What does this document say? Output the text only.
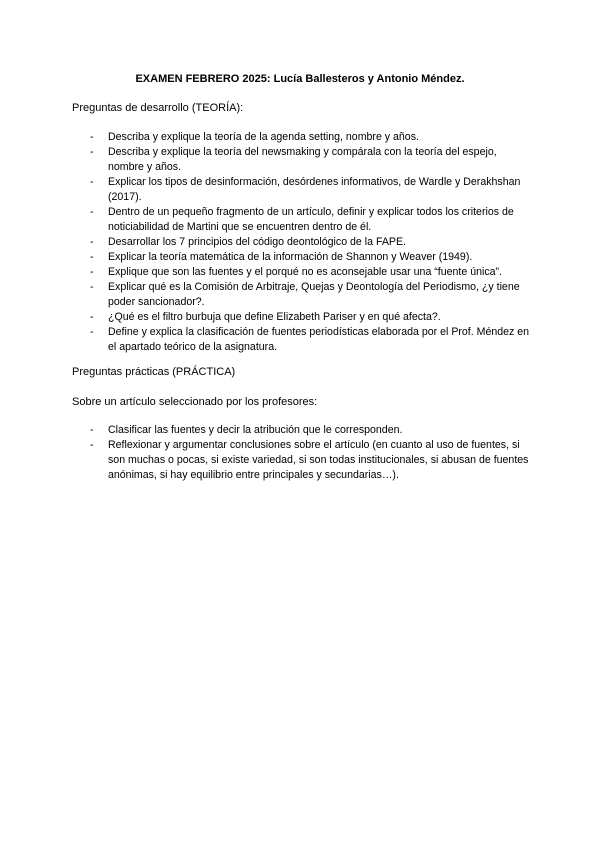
EXAMEN FEBRERO 2025: Lucía Ballesteros y Antonio Méndez.
Preguntas de desarrollo (TEORÍA):
- Describa y explique la teoría de la agenda setting, nombre y años.
- Describa y explique la teoría del newsmaking y compárala con la teoría del espejo, nombre y años.
- Explicar los tipos de desinformación, desórdenes informativos, de Wardle y Derakhshan (2017).
- Dentro de un pequeño fragmento de un artículo, definir y explicar todos los criterios de noticiabilidad de Martini que se encuentren dentro de él.
- Desarrollar los 7 principios del código deontológico de la FAPE.
- Explicar la teoría matemática de la información de Shannon y Weaver (1949).
- Explique que son las fuentes y el porqué no es aconsejable usar una “fuente única”.
- Explicar qué es la Comisión de Arbitraje, Quejas y Deontología del Periodismo, ¿y tiene poder sancionador?.
- ¿Qué es el filtro burbuja que define Elizabeth Pariser y en qué afecta?.
- Define y explica la clasificación de fuentes periodísticas elaborada por el Prof. Méndez en el apartado teórico de la asignatura.
Preguntas prácticas (PRÁCTICA)
Sobre un artículo seleccionado por los profesores:
- Clasificar las fuentes y decir la atribución que le corresponden.
- Reflexionar y argumentar conclusiones sobre el artículo (en cuanto al uso de fuentes, si son muchas o pocas, si existe variedad, si son todas institucionales, si abusan de fuentes anónimas, si hay equilibrio entre principales y secundarias…).
